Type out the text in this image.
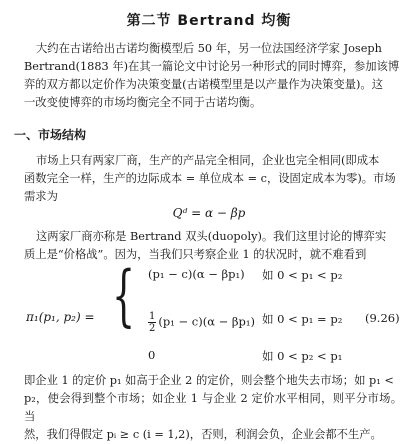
第二节 Bertrand 均衡

大约在古诺给出古诺均衡模型后 50 年，另一位法国经济学家 Joseph

Bertrand(1883 年)在其一篇论文中讨论另一种形式的同时博弈，参加该博

弈的双方都以定价作为决策变量(古诺模型里是以产量作为决策变量)。这

一改变使博弈的市场均衡完全不同于古诺均衡。

一、市场结构

市场上只有两家厂商，生产的产品完全相同，企业也完全相同(即成本

函数完全一样，生产的边际成本 = 单位成本 = c，设固定成本为零)。市场

需求为

Qᵈ = α − βp

这两家厂商亦称是 Bertrand 双头(duopoly)。我们这里讨论的博弈实

质上是“价格战”。因为，当我们只考察企业 1 的状况时，就不难看到

π₁(p₁, p₂) = { (p₁ − c)(α − βp₁) 如 0 < p₁ < p₂
$\frac{1}{2} (p_1 - c)(\alpha - \beta p_1)$ 如 0 < p₁ = p₂
0	如 0 < p₂ < p₁
(9.26)

即企业 1 的定价 p₁ 如高于企业 2 的定价，则会整个地失去市场；如 p₁ <

p₂，使会得到整个市场；如企业 1 与企业 2 定价水平相同，则平分市场。当

然，我们得假定 pᵢ ≥ c (i = 1,2)，否则，利润会负，企业会都不生产。
